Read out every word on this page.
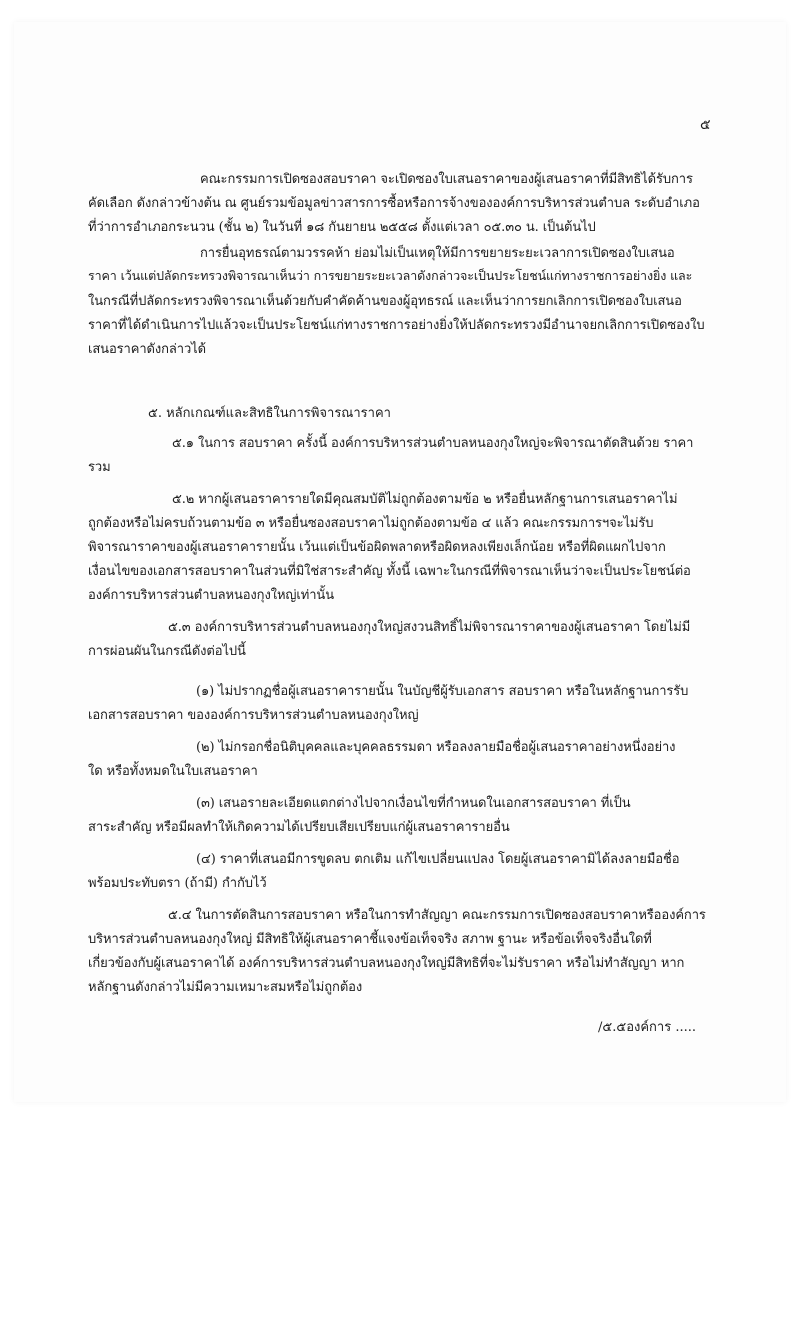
๕
คณะกรรมการเปิดซองสอบราคา จะเปิดซองใบเสนอราคาของผู้เสนอราคาที่มีสิทธิได้รับการ
คัดเลือก ดังกล่าวข้างต้น ณ ศูนย์รวมข้อมูลข่าวสารการซื้อหรือการจ้างขององค์การบริหารส่วนตำบล ระดับอำเภอ
ที่ว่าการอำเภอกระนวน (ชั้น ๒) ในวันที่ ๑๘ กันยายน ๒๕๕๘ ตั้งแต่เวลา ๐๕.๓๐ น. เป็นต้นไป
การยื่นอุทธรณ์ตามวรรคห้า ย่อมไม่เป็นเหตุให้มีการขยายระยะเวลาการเปิดซองใบเสนอ
ราคา เว้นแต่ปลัดกระทรวงพิจารณาเห็นว่า การขยายระยะเวลาดังกล่าวจะเป็นประโยชน์แก่ทางราชการอย่างยิ่ง และ
ในกรณีที่ปลัดกระทรวงพิจารณาเห็นด้วยกับคำคัดค้านของผู้อุทธรณ์ และเห็นว่าการยกเลิกการเปิดซองใบเสนอ
ราคาที่ได้ดำเนินการไปแล้วจะเป็นประโยชน์แก่ทางราชการอย่างยิ่งให้ปลัดกระทรวงมีอำนาจยกเลิกการเปิดซองใบ
เสนอราคาดังกล่าวได้
๕. หลักเกณฑ์และสิทธิในการพิจารณาราคา
๕.๑ ในการ สอบราคา ครั้งนี้ องค์การบริหารส่วนตำบลหนองกุงใหญ่จะพิจารณาตัดสินด้วย ราคา
รวม
๕.๒ หากผู้เสนอราคารายใดมีคุณสมบัติไม่ถูกต้องตามข้อ ๒ หรือยื่นหลักฐานการเสนอราคาไม่
ถูกต้องหรือไม่ครบถ้วนตามข้อ ๓ หรือยื่นซองสอบราคาไม่ถูกต้องตามข้อ ๔ แล้ว คณะกรรมการฯจะไม่รับ
พิจารณาราคาของผู้เสนอราคารายนั้น เว้นแต่เป็นข้อผิดพลาดหรือผิดหลงเพียงเล็กน้อย หรือที่ผิดแผกไปจาก
เงื่อนไขของเอกสารสอบราคาในส่วนที่มิใช่สาระสำคัญ ทั้งนี้ เฉพาะในกรณีที่พิจารณาเห็นว่าจะเป็นประโยชน์ต่อ
องค์การบริหารส่วนตำบลหนองกุงใหญ่เท่านั้น
๕.๓ องค์การบริหารส่วนตำบลหนองกุงใหญ่สงวนสิทธิ์ไม่พิจารณาราคาของผู้เสนอราคา โดยไม่มี
การผ่อนผันในกรณีดังต่อไปนี้
(๑) ไม่ปรากฏชื่อผู้เสนอราคารายนั้น ในบัญชีผู้รับเอกสาร สอบราคา หรือในหลักฐานการรับ
เอกสารสอบราคา ขององค์การบริหารส่วนตำบลหนองกุงใหญ่
(๒) ไม่กรอกชื่อนิติบุคคลและบุคคลธรรมดา หรือลงลายมือชื่อผู้เสนอราคาอย่างหนึ่งอย่าง
ใด หรือทั้งหมดในใบเสนอราคา
(๓) เสนอรายละเอียดแตกต่างไปจากเงื่อนไขที่กำหนดในเอกสารสอบราคา ที่เป็น
สาระสำคัญ หรือมีผลทำให้เกิดความได้เปรียบเสียเปรียบแก่ผู้เสนอราคารายอื่น
(๔) ราคาที่เสนอมีการขูดลบ ตกเติม แก้ไขเปลี่ยนแปลง โดยผู้เสนอราคามิได้ลงลายมือชื่อ
พร้อมประทับตรา (ถ้ามี) กำกับไว้
๕.๔ ในการตัดสินการสอบราคา หรือในการทำสัญญา คณะกรรมการเปิดซองสอบราคาหรือองค์การ
บริหารส่วนตำบลหนองกุงใหญ่ มีสิทธิให้ผู้เสนอราคาชี้แจงข้อเท็จจริง สภาพ ฐานะ หรือข้อเท็จจริงอื่นใดที่
เกี่ยวข้องกับผู้เสนอราคาได้ องค์การบริหารส่วนตำบลหนองกุงใหญ่มีสิทธิที่จะไม่รับราคา หรือไม่ทำสัญญา หาก
หลักฐานดังกล่าวไม่มีความเหมาะสมหรือไม่ถูกต้อง
/๕.๕องค์การ .....
